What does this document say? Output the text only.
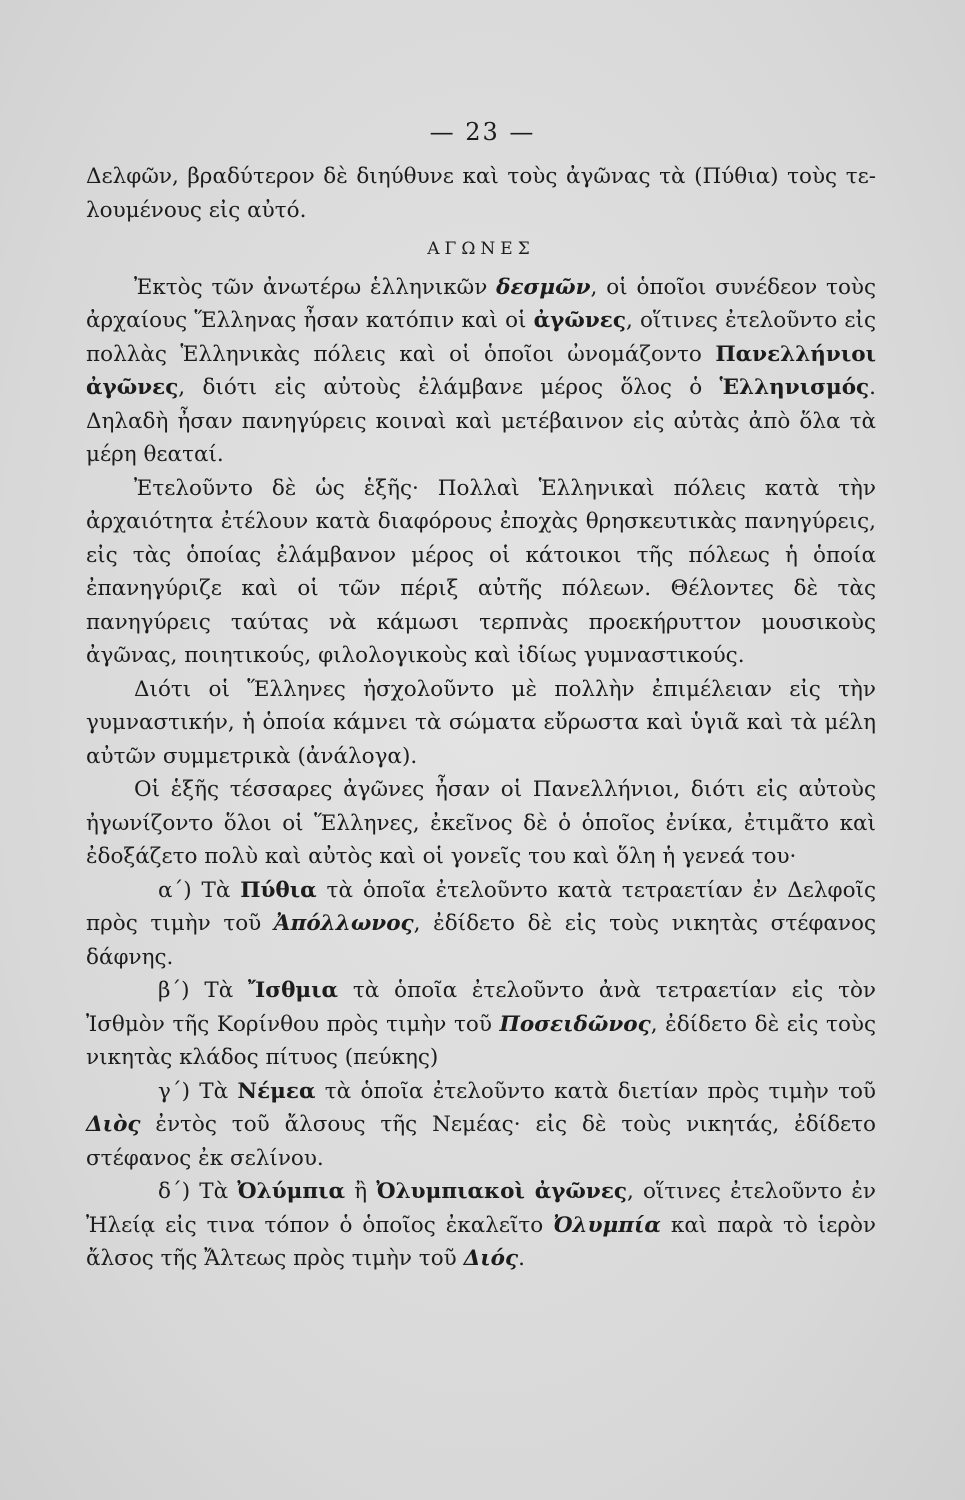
— 23 —

Δελφῶν, βραδύτερον δὲ διηύθυνε καὶ τοὺς ἀγῶνας τὰ (Πύθια) τοὺς τε-λουμένους εἰς αὐτό.

ΑΓΩΝΕΣ

Ἐκτὸς τῶν ἀνωτέρω ἑλληνικῶν δεσμῶν, οἱ ὁποῖοι συνέδεον τοὺς ἀρχαίους Ἕλληνας ἦσαν κατόπιν καὶ οἱ ἀγῶνες, οἵτινες ἐτελοῦντο εἰς πολλὰς Ἑλληνικὰς πόλεις καὶ οἱ ὁποῖοι ὠνομάζοντο Πανελλήνιοι ἀγῶνες, διότι εἰς αὐτοὺς ἐλάμβανε μέρος ὅλος ὁ Ἑλληνισμός. Δηλαδὴ ἦσαν πανηγύρεις κοιναὶ καὶ μετέβαινον εἰς αὐτὰς ἀπὸ ὅλα τὰ μέρη θεαταί.

Ἐτελοῦντο δὲ ὡς ἑξῆς· Πολλαὶ Ἑλληνικαὶ πόλεις κατὰ τὴν ἀρχαιότητα ἐτέλουν κατὰ διαφόρους ἐποχὰς θρησκευτικὰς πανηγύρεις, εἰς τὰς ὁποίας ἐλάμβανον μέρος οἱ κάτοικοι τῆς πόλεως ἡ ὁποία ἐπανηγύριζε καὶ οἱ τῶν πέριξ αὐτῆς πόλεων. Θέλοντες δὲ τὰς πανηγύρεις ταύτας νὰ κάμωσι τερπνὰς προεκήρυττον μουσικοὺς ἀγῶνας, ποιητικούς, φιλολογικοὺς καὶ ἰδίως γυμναστικούς.

Διότι οἱ Ἕλληνες ἠσχολοῦντο μὲ πολλὴν ἐπιμέλειαν εἰς τὴν γυμναστικήν, ἡ ὁποία κάμνει τὰ σώματα εὔρωστα καὶ ὑγιᾶ καὶ τὰ μέλη αὐτῶν συμμετρικὰ (ἀνάλογα).

Οἱ ἑξῆς τέσσαρες ἀγῶνες ἦσαν οἱ Πανελλήνιοι, διότι εἰς αὐτοὺς ἠγωνίζοντο ὅλοι οἱ Ἕλληνες, ἐκεῖνος δὲ ὁ ὁποῖος ἐνίκα, ἐτιμᾶτο καὶ ἐδοξάζετο πολὺ καὶ αὐτὸς καὶ οἱ γονεῖς του καὶ ὅλη ἡ γενεά του·

α΄) Τὰ Πύθια τὰ ὁποῖα ἐτελοῦντο κατὰ τετραετίαν ἐν Δελφοῖς πρὸς τιμὴν τοῦ Ἀπόλλωνος, ἐδίδετο δὲ εἰς τοὺς νικητὰς στέφανος δάφνης.

β΄) Τὰ Ἴσθμια τὰ ὁποῖα ἐτελοῦντο ἀνὰ τετραετίαν εἰς τὸν Ἰσθμὸν τῆς Κορίνθου πρὸς τιμὴν τοῦ Ποσειδῶνος, ἐδίδετο δὲ εἰς τοὺς νικητὰς κλάδος πίτυος (πεύκης)

γ΄) Τὰ Νέμεα τὰ ὁποῖα ἐτελοῦντο κατὰ διετίαν πρὸς τιμὴν τοῦ Διὸς ἐντὸς τοῦ ἄλσους τῆς Νεμέας· εἰς δὲ τοὺς νικητάς, ἐδίδετο στέφανος ἐκ σελίνου.

δ΄) Τὰ Ὀλύμπια ἢ Ὀλυμπιακοὶ ἀγῶνες, οἵτινες ἐτελοῦντο ἐν Ἠλείᾳ εἰς τινα τόπον ὁ ὁποῖος ἐκαλεῖτο Ὀλυμπία καὶ παρὰ τὸ ἱερὸν ἄλσος τῆς Ἄλτεως πρὸς τιμὴν τοῦ Διός.
